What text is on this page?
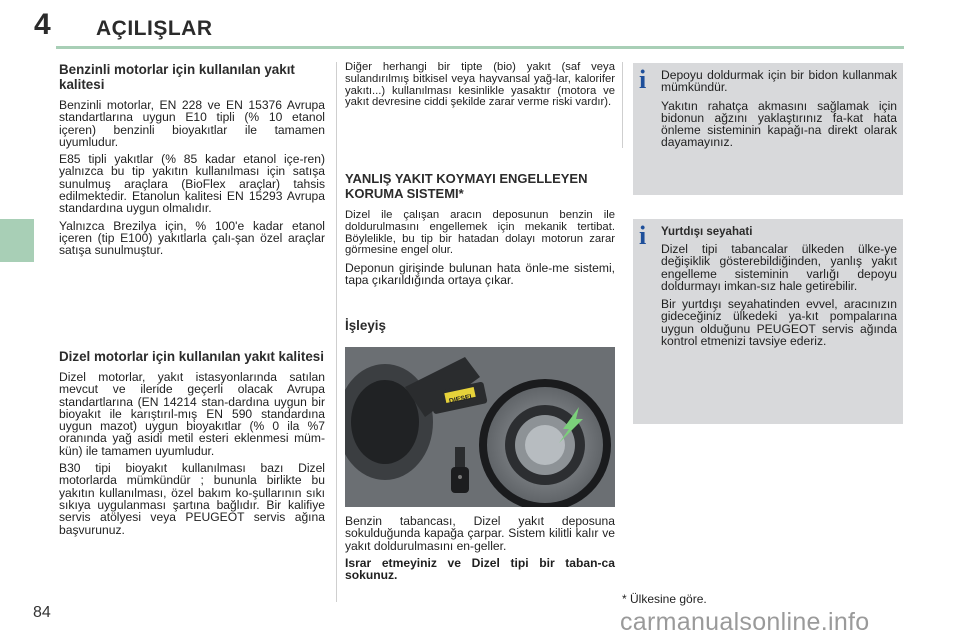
4 AÇILIŞLAR

Benzinli motorlar için kullanılan yakıt kalitesi

Benzinli motorlar, EN 228 ve EN 15376 Avrupa standartlarına uygun E10 tipli (% 10 etanol içeren) benzinli bioyakıtlar ile tamamen uyumludur.

E85 tipli yakıtlar (% 85 kadar etanol içe-ren) yalnızca bu tip yakıtın kullanılması için satışa sunulmuş araçlara (BioFlex araçlar) tahsis edilmektedir. Etanolun kalitesi EN 15293 Avrupa standardına uygun olmalıdır.

Yalnızca Brezilya için, % 100'e kadar etanol içeren (tip E100) yakıtlarla çalı-şan özel araçlar satışa sunulmuştur.

Dizel motorlar için kullanılan yakıt kalitesi

Dizel motorlar, yakıt istasyonlarında satılan mevcut ve ileride geçerli olacak Avrupa standartlarına (EN 14214 stan-dardına uygun bir bioyakıt ile karıştırıl-mış EN 590 standardına uygun mazot) uygun bioyakıtlar (% 0 ila %7 oranında yağ asidi metil esteri eklenmesi müm-kün) ile tamamen uyumludur.

B30 tipi bioyakıt kullanılması bazı Dizel motorlarda mümkündür ; bununla birlikte bu yakıtın kullanılması, özel bakım ko-şullarının sıkı sıkıya uygulanması şartına bağlıdır. Bir kalifiye servis atölyesi veya PEUGEOT servis ağına başvurunuz.

Diğer herhangi bir tipte (bio) yakıt (saf veya sulandırılmış bitkisel veya hayvansal yağ-lar, kalorifer yakıtı...) kullanılması kesinlikle yasaktır (motora ve yakıt devresine ciddi şekilde zarar verme riski vardır).

YANLIŞ YAKIT KOYMAYI ENGELLEYEN KORUMA SISTEMI*

Dizel ile çalışan aracın deposunun benzin ile doldurulmasını engellemek için mekanik tertibat. Böylelikle, bu tip bir hatadan dolayı motorun zarar görmesine engel olur.

Deponun girişinde bulunan hata önle-me sistemi, tapa çıkarıldığında ortaya çıkar.

İşleyiş

DIESEL

Benzin tabancası, Dizel yakıt deposuna sokulduğunda kapağa çarpar. Sistem kilitli kalır ve yakıt doldurulmasını en-geller.

Israr etmeyiniz ve Dizel tipi bir taban-ca sokunuz.

i Depoyu doldurmak için bir bidon kullanmak mümkündür.

Yakıtın rahatça akmasını sağlamak için bidonun ağzını yaklaştırınız fa-kat hata önleme sisteminin kapağı-na direkt olarak dayamayınız.

i Yurtdışı seyahati

Dizel tipi tabancalar ülkeden ülke-ye değişiklik gösterebildiğinden, yanlış yakıt engelleme sisteminin varlığı depoyu doldurmayı imkan-sız hale getirebilir.

Bir yurtdışı seyahatinden evvel, aracınızın gideceğiniz ülkedeki ya-kıt pompalarına uygun olduğunu PEUGEOT servis ağında kontrol etmenizi tavsiye ederiz.

* Ülkesine göre.
84	carmanualsonline.info
